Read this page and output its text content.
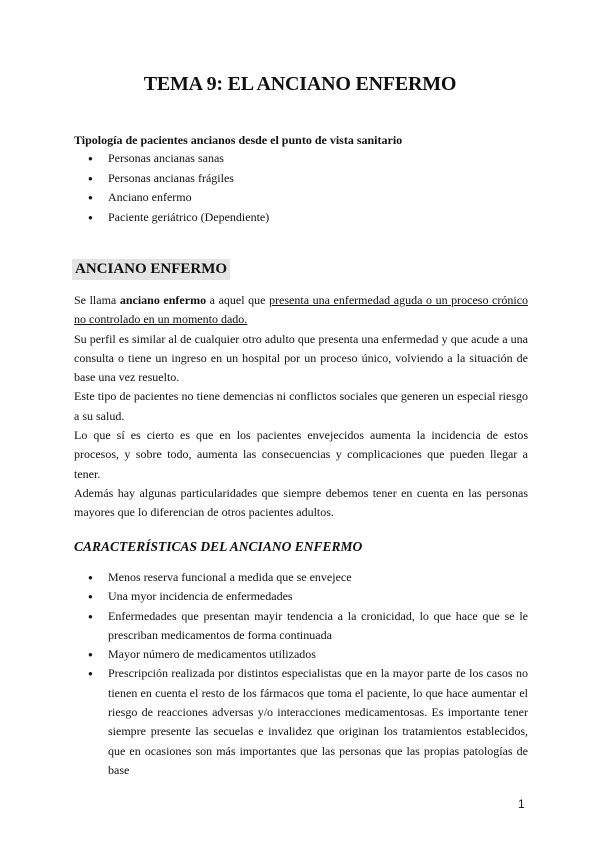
TEMA 9: EL ANCIANO ENFERMO
Tipología de pacientes ancianos desde el punto de vista sanitario
● Personas ancianas sanas
● Personas ancianas frágiles
● Anciano enfermo
● Paciente geriátrico (Dependiente)
ANCIANO ENFERMO

Se llama anciano enfermo a aquel que presenta una enfermedad aguda o un proceso crónico no controlado en un momento dado.

Su perfil es similar al de cualquier otro adulto que presenta una enfermedad y que acude a una consulta o tiene un ingreso en un hospital por un proceso único, volviendo a la situación de base una vez resuelto.

Este tipo de pacientes no tiene demencias ni conflictos sociales que generen un especial riesgo a su salud.

Lo que sí es cierto es que en los pacientes envejecidos aumenta la incidencia de estos procesos, y sobre todo, aumenta las consecuencias y complicaciones que pueden llegar a tener.

Además hay algunas particularidades que siempre debemos tener en cuenta en las personas mayores que lo diferencian de otros pacientes adultos.

CARACTERÍSTICAS DEL ANCIANO ENFERMO
● Menos reserva funcional a medida que se envejece
● Una myor incidencia de enfermedades
● Enfermedades que presentan mayir tendencia a la cronicidad, lo que hace que se le prescriban medicamentos de forma continuada
● Mayor número de medicamentos utilizados
● Prescripción realizada por distintos especialistas que en la mayor parte de los casos no tienen en cuenta el resto de los fármacos que toma el paciente, lo que hace aumentar el riesgo de reacciones adversas y/o interacciones medicamentosas. Es importante tener siempre presente las secuelas e invalidez que originan los tratamientos establecidos, que en ocasiones son más importantes que las personas que las propias patologías de base
1
